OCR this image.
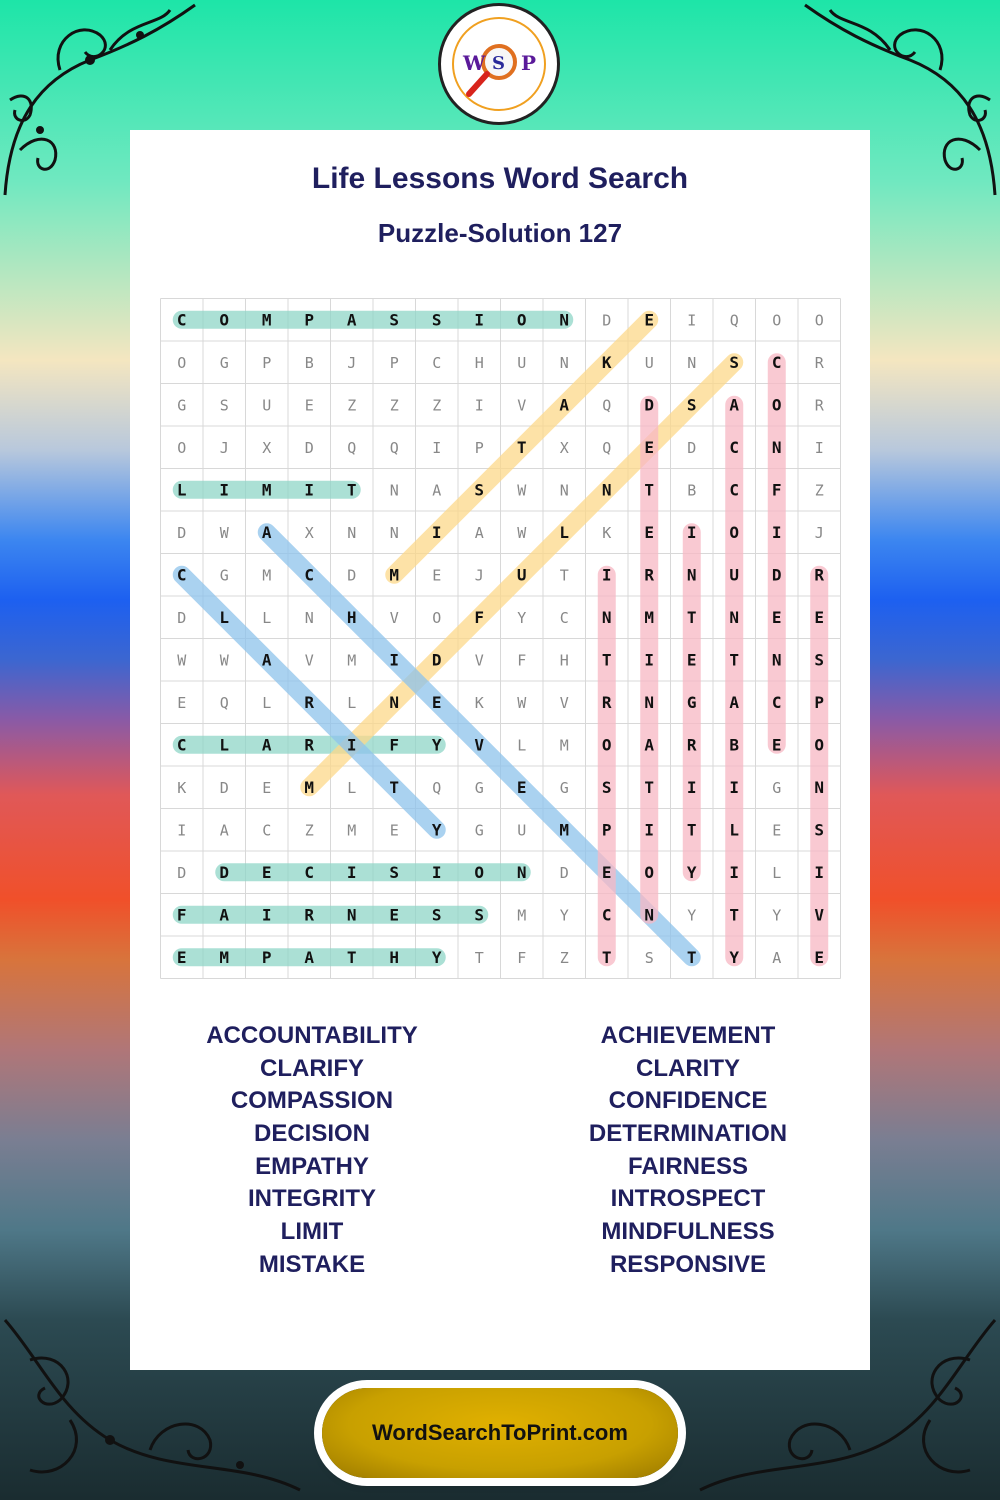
W S P
Life Lessons Word Search
Puzzle-Solution 127
C O M P A S S I O N D E I Q O O
O G P B J P C H U N K U N S C R
G S U E Z Z Z I V A Q D S A O R
O J X D Q Q I P T X Q E D C N I
L I M I T N A S W N N T B C F Z
D W A X N N I A W L K E I O I J
C G M C D M E J U T I R N U D R
D L L N H V O F Y C N M T N E E
W W A V M I D V F H T I E T N S
E Q L R L N E K W V R N G A C P
C L A R I F Y V L M O A R B E O
K D E M L T Q G E G S T I I G N
I A C Z M E Y G U M P I T L E S
D D E C I S I O N D E O Y I L I
F A I R N E S S M Y C N Y T Y V
E M P A T H Y T F Z T S T Y A E
ACCOUNTABILITY
CLARIFY
COMPASSION
DECISION
EMPATHY
INTEGRITY
LIMIT
MISTAKE
ACHIEVEMENT
CLARITY
CONFIDENCE
DETERMINATION
FAIRNESS
INTROSPECT
MINDFULNESS
RESPONSIVE
WordSearchToPrint.com
